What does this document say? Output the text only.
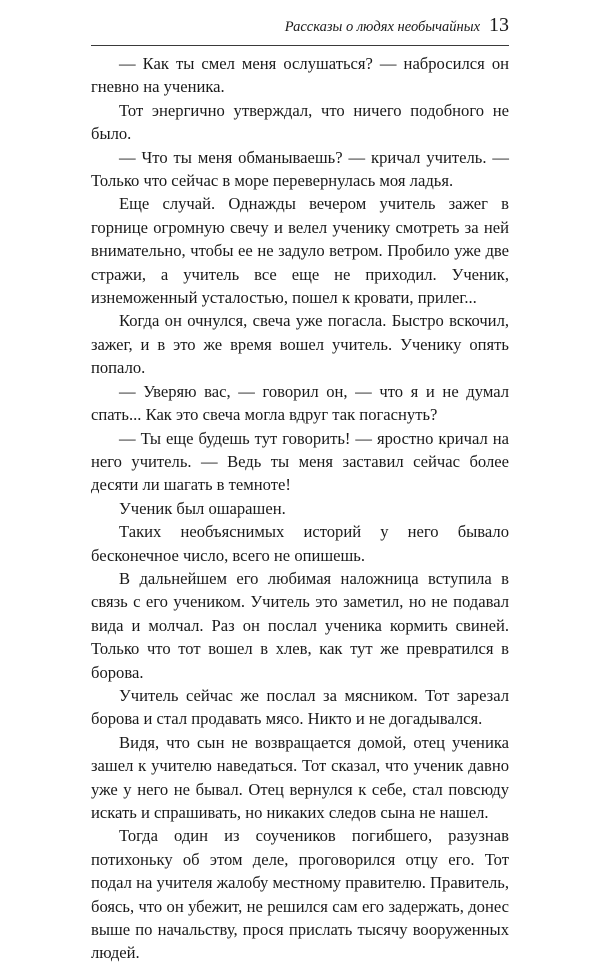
Рассказы о людях необычайных 13

— Как ты смел меня ослушаться? — набросился он гневно на ученика.

Тот энергично утверждал, что ничего подобного не было.

— Что ты меня обманываешь? — кричал учитель. — Только что сейчас в море перевернулась моя ладья.

Еще случай. Однажды вечером учитель зажег в горнице огромную свечу и велел ученику смотреть за ней внимательно, чтобы ее не задуло ветром. Пробило уже две стражи, а учитель все еще не приходил. Ученик, изнеможенный усталостью, пошел к кровати, прилег...

Когда он очнулся, свеча уже погасла. Быстро вскочил, зажег, и в это же время вошел учитель. Ученику опять попало.

— Уверяю вас, — говорил он, — что я и не думал спать... Как это свеча могла вдруг так погаснуть?

— Ты еще будешь тут говорить! — яростно кричал на него учитель. — Ведь ты меня заставил сейчас более десяти ли шагать в темноте!

Ученик был ошарашен.

Таких необъяснимых историй у него бывало бесконечное число, всего не опишешь.

В дальнейшем его любимая наложница вступила в связь с его учеником. Учитель это заметил, но не подавал вида и молчал. Раз он послал ученика кормить свиней. Только что тот вошел в хлев, как тут же превратился в борова.

Учитель сейчас же послал за мясником. Тот зарезал борова и стал продавать мясо. Никто и не догадывался.

Видя, что сын не возвращается домой, отец ученика зашел к учителю наведаться. Тот сказал, что ученик давно уже у него не бывал. Отец вернулся к себе, стал повсюду искать и спрашивать, но никаких следов сына не нашел.

Тогда один из соучеников погибшего, разузнав потихоньку об этом деле, проговорился отцу его. Тот подал на учителя жалобу местному правителю. Правитель, боясь, что он убежит, не решился сам его задержать, донес выше по начальству, прося прислать тысячу вооруженных людей.
